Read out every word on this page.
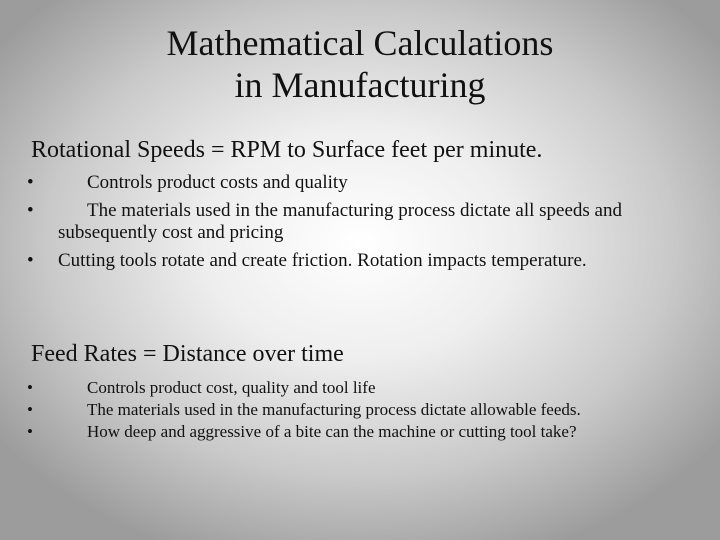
Mathematical Calculations
in Manufacturing
Rotational Speeds = RPM to Surface feet per minute.
•	Controls product costs and quality
•	The materials used in the manufacturing process dictate all speeds and subsequently cost and pricing
• Cutting tools rotate and create friction. Rotation impacts temperature.
Feed Rates = Distance over time
•	Controls product cost, quality and tool life
•	The materials used in the manufacturing process dictate allowable feeds.
•	How deep and aggressive of a bite can the machine or cutting tool take?
